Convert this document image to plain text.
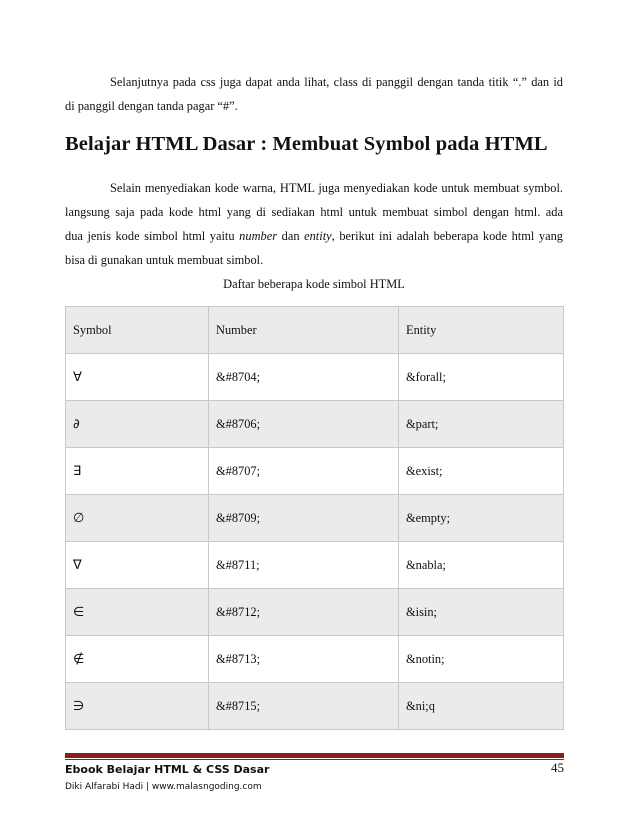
Selanjutnya pada css juga dapat anda lihat, class di panggil dengan tanda titik “.” dan id
di panggil dengan tanda pagar “#”.

Belajar HTML Dasar : Membuat Symbol pada HTML

Selain menyediakan kode warna, HTML juga menyediakan kode untuk membuat symbol.
langsung saja pada kode html yang di sediakan html untuk membuat simbol dengan html. ada
dua jenis kode simbol html yaitu number dan entity, berikut ini adalah beberapa kode html yang
bisa di gunakan untuk membuat simbol.

Daftar beberapa kode simbol HTML

Symbol	Number	Entity
∀	&#8704;	&forall;
∂	&#8706;	&part;
∃	&#8707;	&exist;
∅	&#8709;	&empty;
∇	&#8711;	&nabla;
∈	&#8712;	&isin;
∉	&#8713;	&notin;
∋	&#8715;	&ni;q

Ebook Belajar HTML & CSS Dasar

Diki Alfarabi Hadi | www.malasngoding.com

45
